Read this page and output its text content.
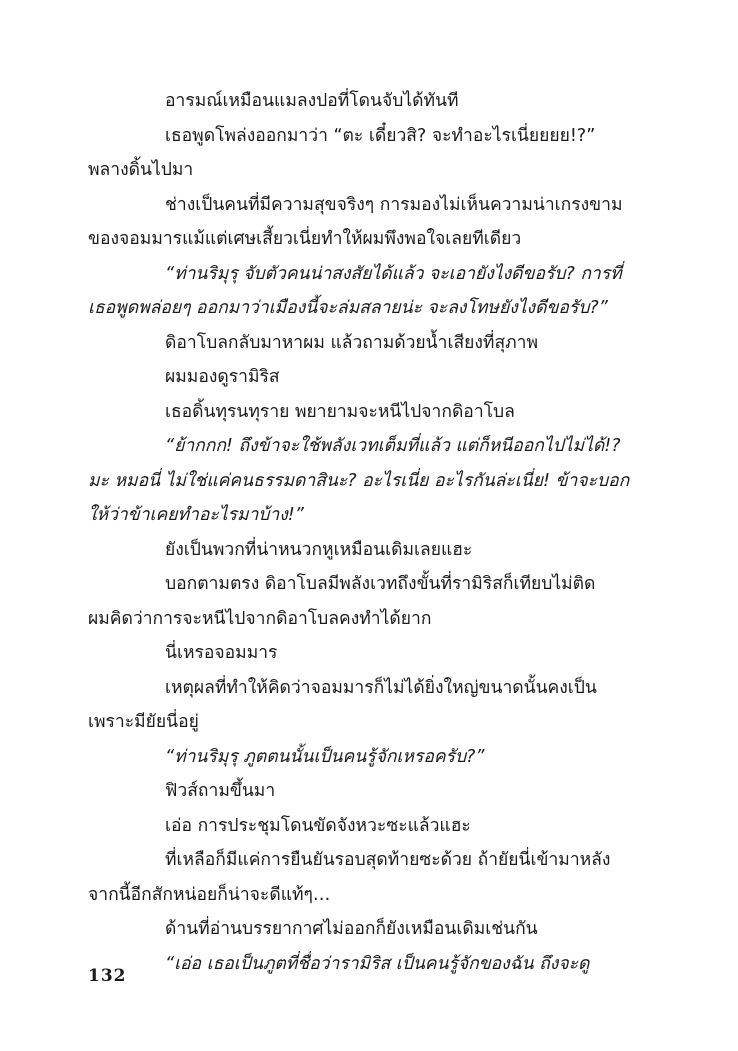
อารมณ์เหมือนแมลงปอที่โดนจับได้ทันที
เธอพูดโพล่งออกมาว่า “ตะ เดี๋ยวสิ? จะทำอะไรเนี่ยยยย!?”
พลางดิ้นไปมา
ช่างเป็นคนที่มีความสุขจริงๆ การมองไม่เห็นความน่าเกรงขาม
ของจอมมารแม้แต่เศษเสี้ยวเนี่ยทำให้ผมพึงพอใจเลยทีเดียว
“ท่านริมุรุ จับตัวคนน่าสงสัยได้แล้ว จะเอายังไงดีขอรับ? การที่
เธอพูดพล่อยๆ ออกมาว่าเมืองนี้จะล่มสลายน่ะ จะลงโทษยังไงดีขอรับ?”
ดิอาโบลกลับมาหาผม แล้วถามด้วยน้ำเสียงที่สุภาพ
ผมมองดูรามิริส
เธอดิ้นทุรนทุราย พยายามจะหนีไปจากดิอาโบล
“ย้ากกก! ถึงข้าจะใช้พลังเวทเต็มที่แล้ว แต่ก็หนีออกไปไม่ได้!?
มะ หมอนี่ ไม่ใช่แค่คนธรรมดาสินะ? อะไรเนี่ย อะไรกันล่ะเนี่ย! ข้าจะบอก
ให้ว่าข้าเคยทำอะไรมาบ้าง!”
ยังเป็นพวกที่น่าหนวกหูเหมือนเดิมเลยแฮะ
บอกตามตรง ดิอาโบลมีพลังเวทถึงขั้นที่รามิริสก็เทียบไม่ติด
ผมคิดว่าการจะหนีไปจากดิอาโบลคงทำได้ยาก
นี่เหรอจอมมาร
เหตุผลที่ทำให้คิดว่าจอมมารก็ไม่ได้ยิ่งใหญ่ขนาดนั้นคงเป็น
เพราะมียัยนี่อยู่
“ท่านริมุรุ ภูตตนนั้นเป็นคนรู้จักเหรอครับ?”
ฟิวส์ถามขึ้นมา
เอ่อ การประชุมโดนขัดจังหวะซะแล้วแฮะ
ที่เหลือก็มีแค่การยืนยันรอบสุดท้ายซะด้วย ถ้ายัยนี่เข้ามาหลัง
จากนี้อีกสักหน่อยก็น่าจะดีแท้ๆ…
ด้านที่อ่านบรรยากาศไม่ออกก็ยังเหมือนเดิมเช่นกัน
“เอ่อ เธอเป็นภูตที่ชื่อว่ารามิริส เป็นคนรู้จักของฉัน ถึงจะดู
132
